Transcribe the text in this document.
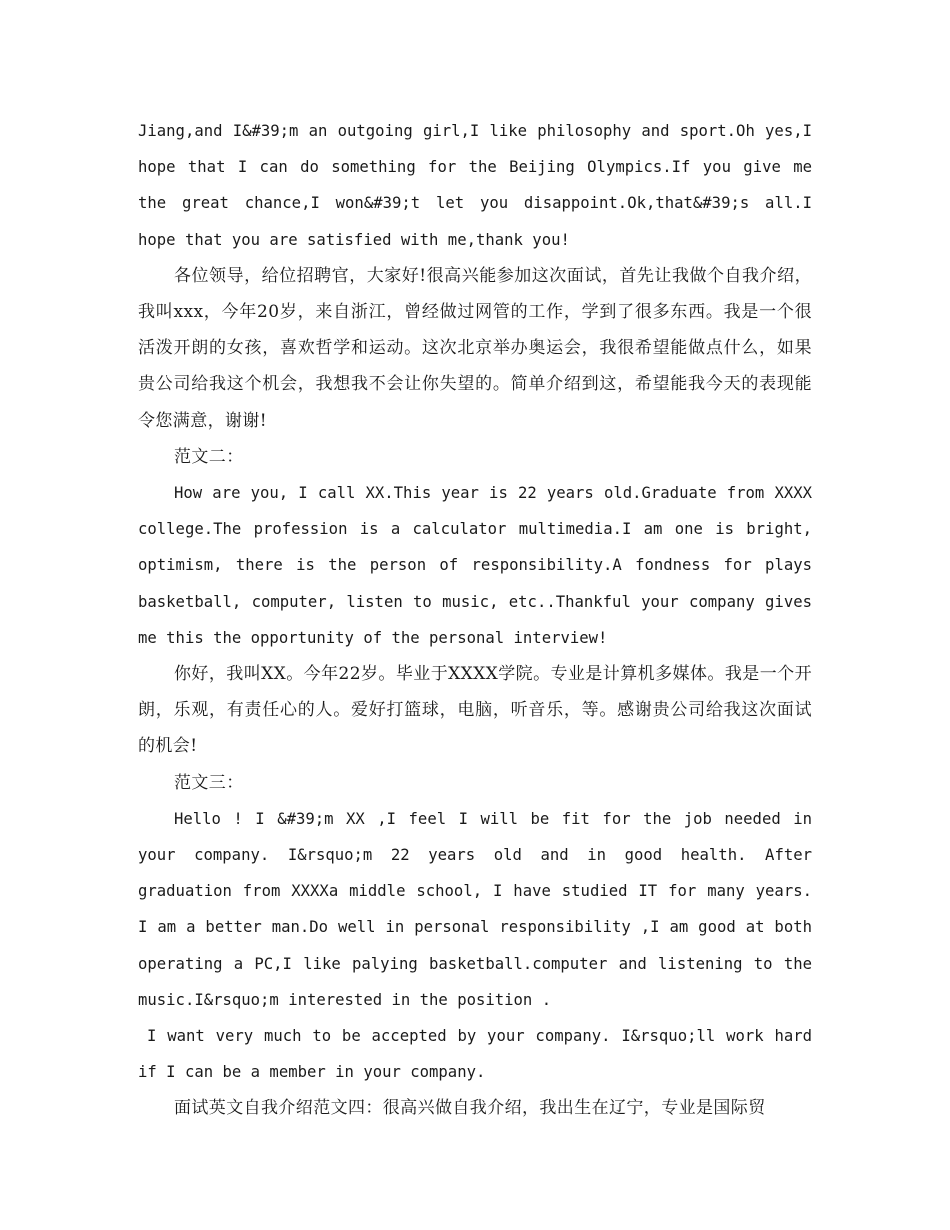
Jiang,and I&#39;m an outgoing girl,I like philosophy and sport.Oh yes,I hope that I can do something for the Beijing Olympics.If you give me the great chance,I won&#39;t let you disappoint.Ok,that&#39;s all.I hope that you are satisfied with me,thank you!

各位领导，给位招聘官，大家好!很高兴能参加这次面试，首先让我做个自我介绍，我叫xxx，今年20岁，来自浙江，曾经做过网管的工作，学到了很多东西。我是一个很活泼开朗的女孩，喜欢哲学和运动。这次北京举办奥运会，我很希望能做点什么，如果贵公司给我这个机会，我想我不会让你失望的。简单介绍到这，希望能我今天的表现能令您满意，谢谢!

范文二：

How are you, I call XX.This year is 22 years old.Graduate from XXXX college.The profession is a calculator multimedia.I am one is bright, optimism, there is the person of responsibility.A fondness for plays basketball, computer, listen to music, etc..Thankful your company gives me this the opportunity of the personal interview!

你好，我叫XX。今年22岁。毕业于XXXX学院。专业是计算机多媒体。我是一个开朗，乐观，有责任心的人。爱好打篮球，电脑，听音乐，等。感谢贵公司给我这次面试的机会!

范文三：

Hello ! I &#39;m XX ,I feel I will be fit for the job needed in your company. I&rsquo;m 22 years old and in good health. After graduation from XXXXa middle school, I have studied IT for many years. I am a better man.Do well in personal responsibility ,I am good at both operating a PC,I like palying basketball.computer and listening to the music.I&rsquo;m interested in the position .

I want very much to be accepted by your company. I&rsquo;ll work hard if I can be a member in your company.

面试英文自我介绍范文四：很高兴做自我介绍，我出生在辽宁，专业是国际贸
